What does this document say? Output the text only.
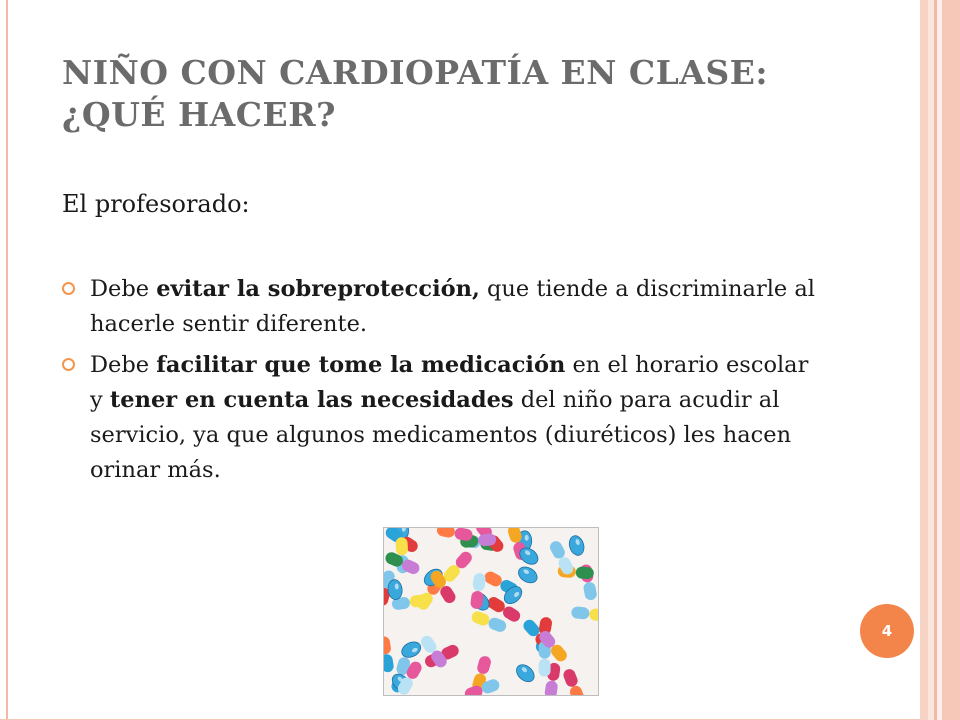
NIÑO CON CARDIOPATÍA EN CLASE:
¿QUÉ HACER?
El profesorado:
Debe evitar la sobreprotección, que tiende a discriminarle al hacerle sentir diferente.
Debe facilitar que tome la medicación en el horario escolar y tener en cuenta las necesidades del niño para acudir al servicio, ya que algunos medicamentos (diuréticos) les hacen orinar más.
4
